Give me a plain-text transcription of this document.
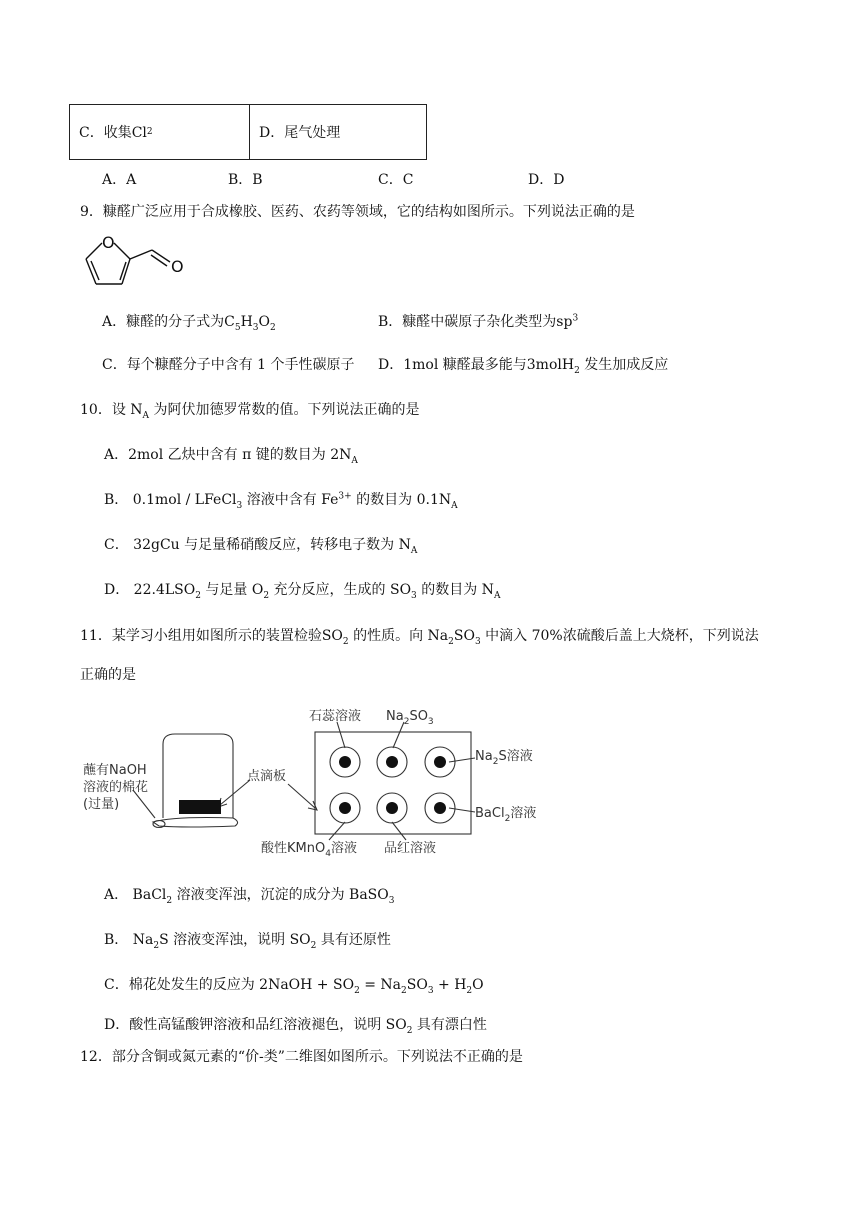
C．收集Cl 2	D．尾气处理
A．A	B．B	C．C	D．D
9．糠醛广泛应用于合成橡胶、医药、农药等领域，它的结构如图所示。下列说法正确的是
O
O
A．糠醛的分子式为$C_5H_3O_2$	B．糠醛中碳原子杂化类型为$sp^3$
C．每个糠醛分子中含有 1 个手性碳原子 D．1mol 糠醛最多能与3molH$_2$ 发生加成反应
10．设 $N_A$ 为阿伏加德罗常数的值。下列说法正确的是
A．2mol 乙炔中含有 π 键的数目为 $2N_A$
B． 0.1mol / LFeCl$_3$ 溶液中含有 $Fe^{3+}$ 的数目为 $0.1N_A$
C． 32gCu 与足量稀硝酸反应，转移电子数为 $N_A$
D． $22.4LSO_2$ 与足量 $O_2$ 充分反应，生成的 $SO_3$ 的数目为 $N_A$
11．某学习小组用如图所示的装置检验$SO_2$ 的性质。向 $Na_2SO_3$ 中滴入 70%浓硫酸后盖上大烧杯，下列说法
正确的是
蘸有NaOH
溶液的棉花
(过量)
点滴板
石蕊溶液 $Na_2SO_3$
$Na_2S$溶液
BaCl$_2$溶液
酸性KMnO$_4$溶液 品红溶液
A． BaCl$_2$ 溶液变浑浊，沉淀的成分为 BaSO$_3$
B． $Na_2S$ 溶液变浑浊，说明 $SO_2$ 具有还原性
C．棉花处发生的反应为 2NaOH + $SO_2 = Na_2SO_3 + H_2O$
D．酸性高锰酸钾溶液和品红溶液褪色，说明 $SO_2$ 具有漂白性
12．部分含铜或氮元素的“价-类”二维图如图所示。下列说法不正确的是
